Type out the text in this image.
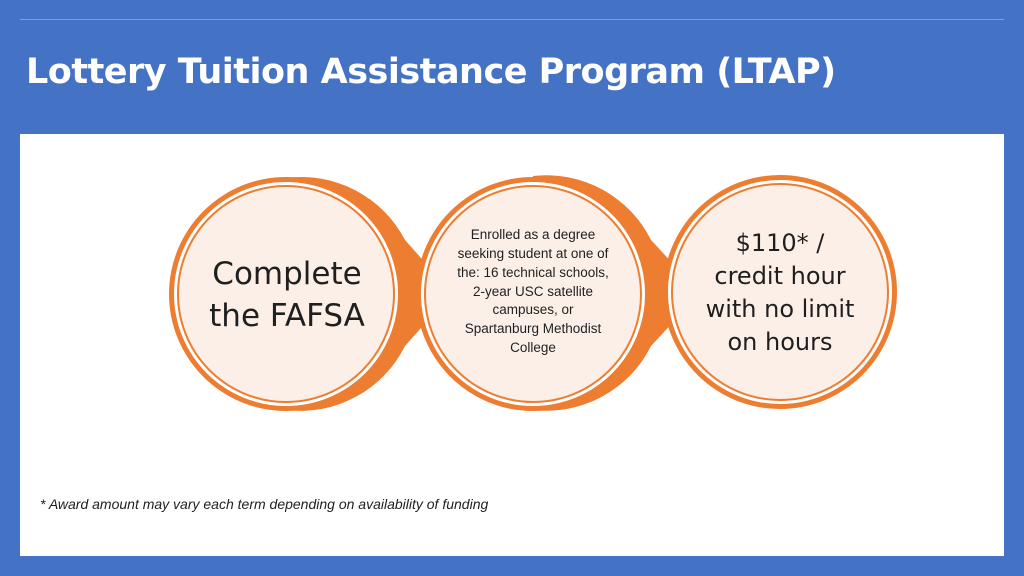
Lottery Tuition Assistance Program (LTAP)
Complete the FAFSA
Enrolled as a degree seeking student at one of the: 16 technical schools, 2-year USC satellite campuses, or Spartanburg Methodist College
$110* / credit hour with no limit on hours
* Award amount may vary each term depending on availability of funding
